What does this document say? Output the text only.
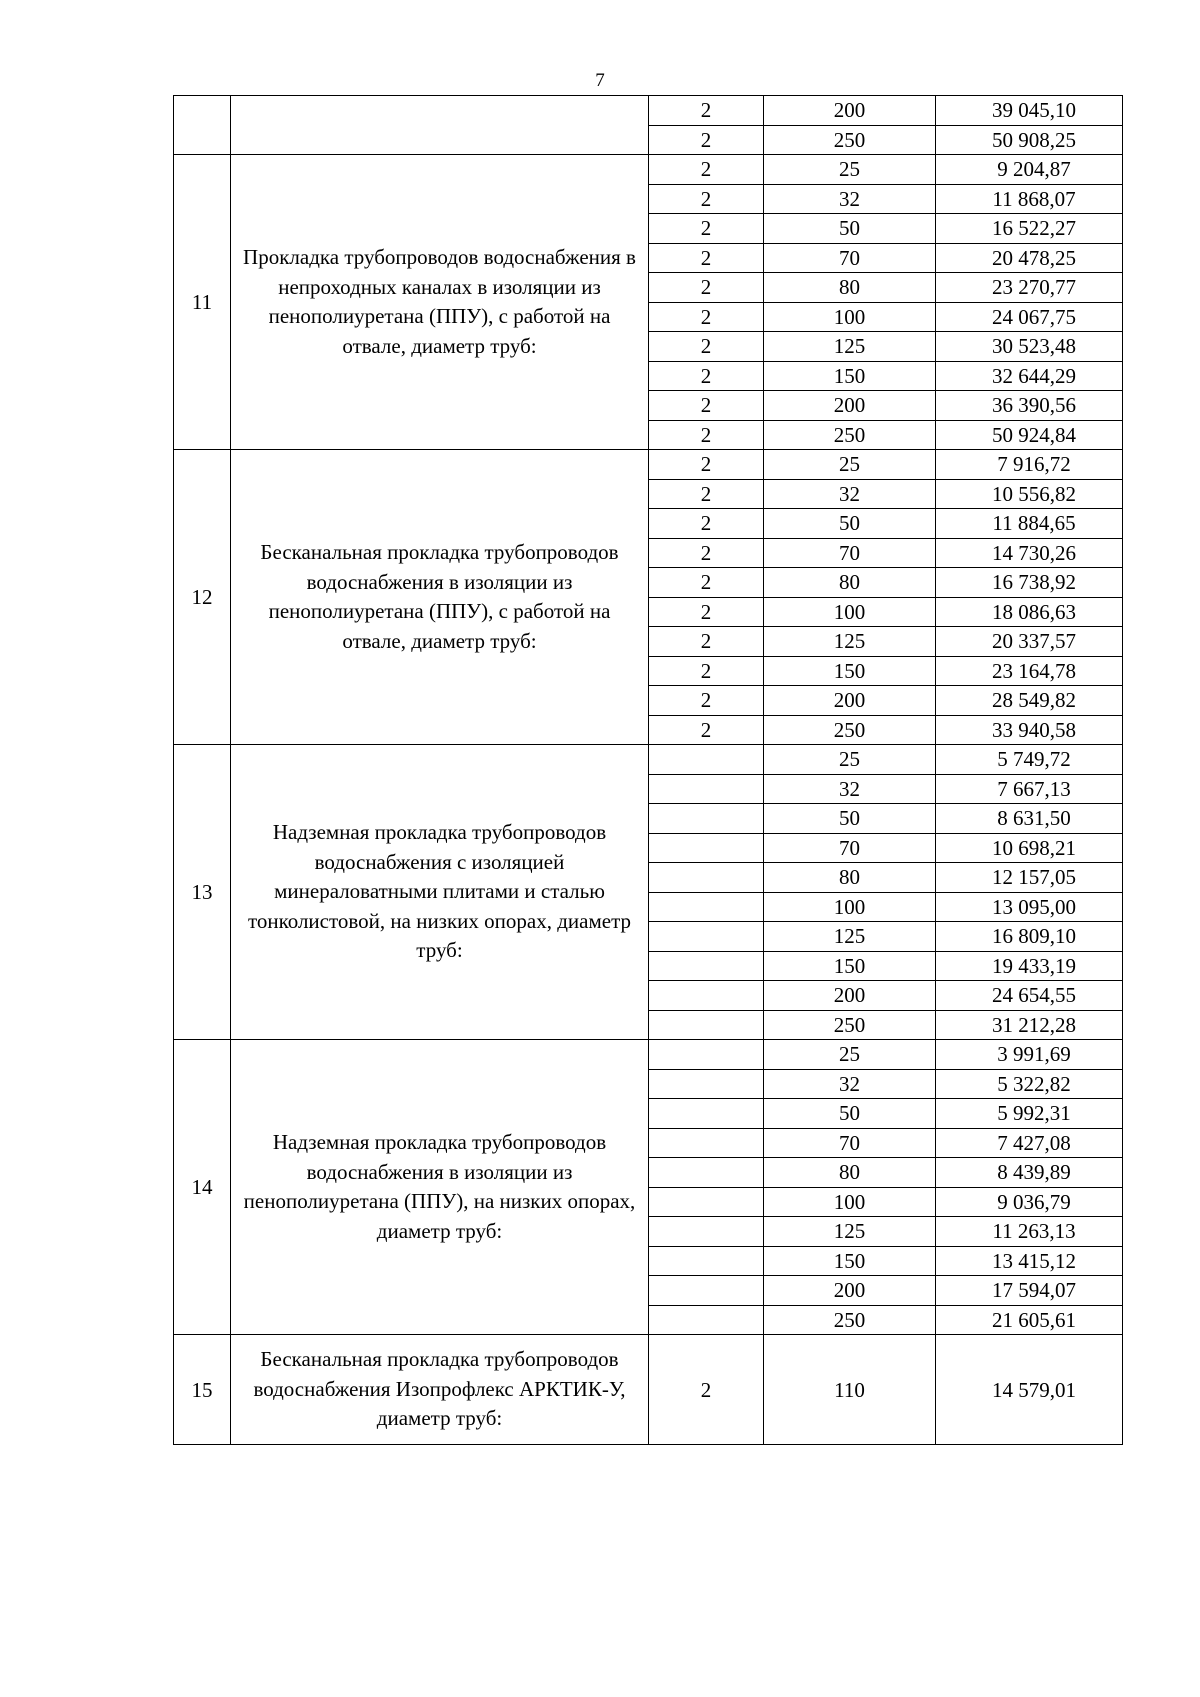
7
		2	200	39 045,10
		2	250	50 908,25
11	Прокладка трубопроводов водоснабжения в непроходных каналах в изоляции из пенополиуретана (ППУ), с работой на отвале, диаметр труб:	2	25	9 204,87
		2	32	11 868,07
		2	50	16 522,27
		2	70	20 478,25
		2	80	23 270,77
		2	100	24 067,75
		2	125	30 523,48
		2	150	32 644,29
		2	200	36 390,56
		2	250	50 924,84
12	Бесканальная прокладка трубопроводов водоснабжения в изоляции из пенополиуретана (ППУ), с работой на отвале, диаметр труб:	2	25	7 916,72
		2	32	10 556,82
		2	50	11 884,65
		2	70	14 730,26
		2	80	16 738,92
		2	100	18 086,63
		2	125	20 337,57
		2	150	23 164,78
		2	200	28 549,82
		2	250	33 940,58
13	Надземная прокладка трубопроводов водоснабжения с изоляцией минераловатными плитами и сталью тонколистовой, на низких опорах, диаметр труб:		25	5 749,72
			32	7 667,13
			50	8 631,50
			70	10 698,21
			80	12 157,05
			100	13 095,00
			125	16 809,10
			150	19 433,19
			200	24 654,55
			250	31 212,28
14	Надземная прокладка трубопроводов водоснабжения в изоляции из пенополиуретана (ППУ), на низких опорах, диаметр труб:		25	3 991,69
			32	5 322,82
			50	5 992,31
			70	7 427,08
			80	8 439,89
			100	9 036,79
			125	11 263,13
			150	13 415,12
			200	17 594,07
			250	21 605,61
15	Бесканальная прокладка трубопроводов водоснабжения Изопрофлекс АРКТИК-У, диаметр труб:	2	110	14 579,01
